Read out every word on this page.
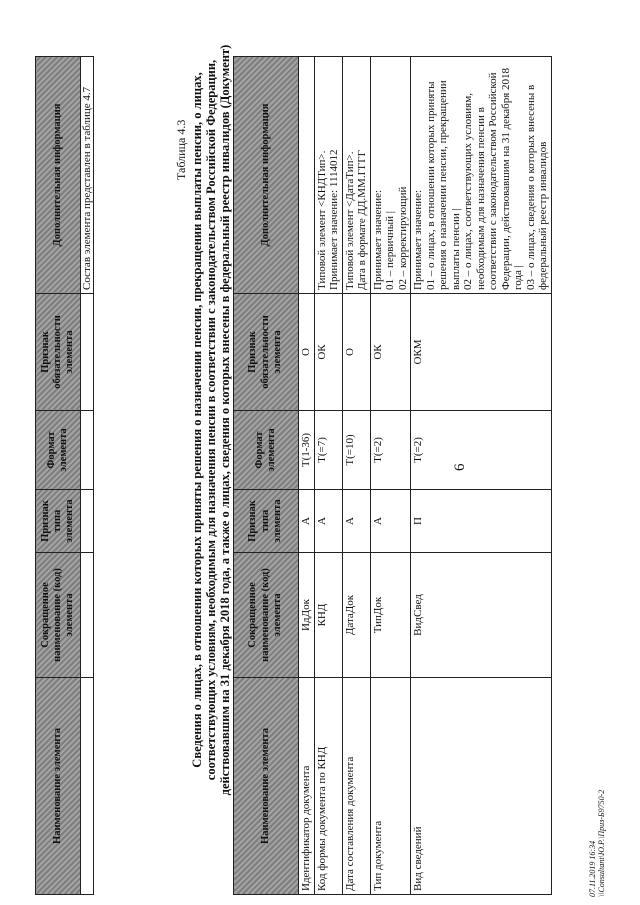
Наименование элемента	Сокращенное наименование (код) элемента	Признак типа элемента	Формат элемента	Признак обязательности элемента	Дополнительная информация
					Состав элемента представлен в таблице 4.7
6
Таблица 4.3 Сведения о лицах, в отношении которых приняты решения о назначении пенсии, прекращении выплаты пенсии, о лицах, соответствующих условиям, необходимым для назначения пенсии в соответствии с законодательством Российской Федерации, действовавшим на 31 декабря 2018 года, а также о лицах, сведения о которых внесены в федеральный реестр инвалидов (Документ)	Наименование элемента	Сокращенное наименование (код) элемента	Признак типа элемента	Формат элемента	Признак обязательности элемента	Дополнительная информация
Идентификатор документа	ИдДок	А	T(1-36)	О	
Код формы документа по КНД	КНД	А	T(=7)	ОК	Типовой элемент <КНДТип>.
Принимает значение: 1114012
Дата составления документа	ДатаДок	А	T(=10)	О	Типовой элемент <ДатаТип>.
Дата в формате ДД.ММ.ГГГГ
Тип документа	ТипДок	А	T(=2)	ОК	Принимает значение:
01 – первичный |
02 – корректирующий
Вид сведений	ВидСвед	П	T(=2)	ОКМ	Принимает значение:
01 – о лицах, в отношении которых приняты решения о назначении пенсии, прекращении выплаты пенсии |
02 – о лицах, соответствующих условиям, необходимым для назначения пенсии в соответствии с законодательством Российской Федерации, действовавшим на 31 декабря 2018 года |
03 – о лицах, сведения о которых внесены в федеральный реестр инвалидов
07.11.2019 16:34 \\Consultant\Ю.Р.\Приз-Б9750-2
